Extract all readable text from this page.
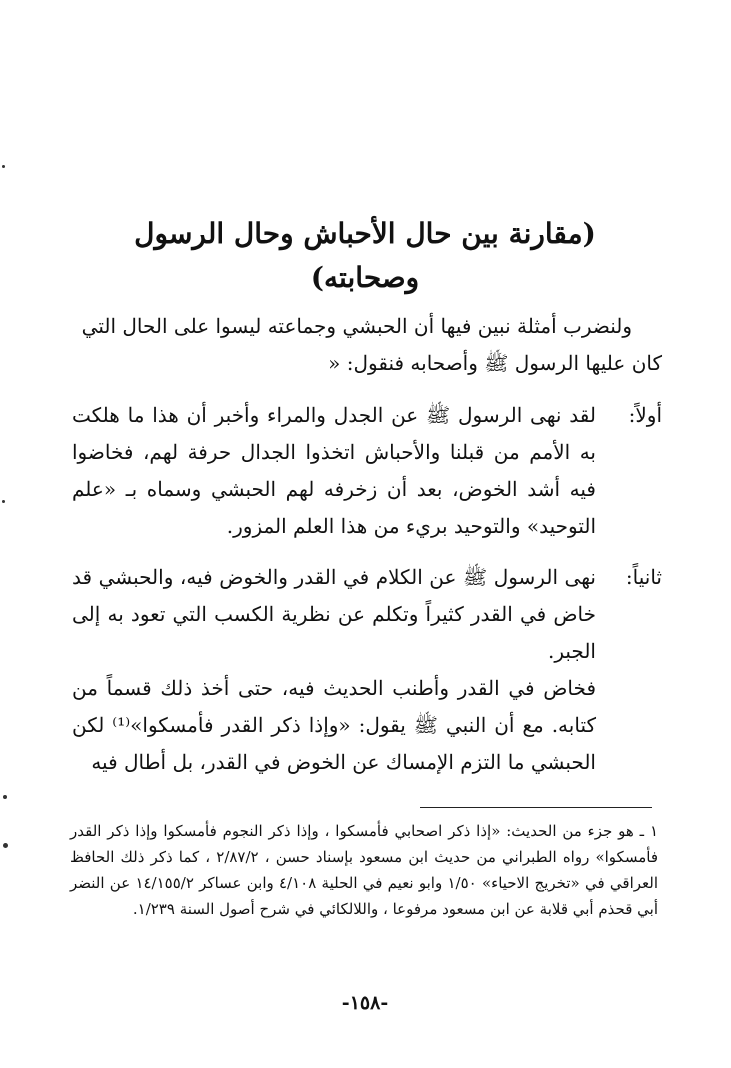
(مقارنة بين حال الأحباش وحال الرسول وصحابته)
ولنضرب أمثلة نبين فيها أن الحبشي وجماعته ليسوا على الحال التي
كان عليها الرسول ﷺ وأصحابه فنقول: «
أولاً:
لقد نهى الرسول ﷺ عن الجدل والمراء وأخبر أن هذا ما هلكت به الأمم من قبلنا والأحباش اتخذوا الجدال حرفة لهم، فخاضوا فيه أشد الخوض، بعد أن زخرفه لهم الحبشي وسماه بـ «علم التوحيد» والتوحيد بريء من هذا العلم المزور.
ثانياً:
نهى الرسول ﷺ عن الكلام في القدر والخوض فيه، والحبشي قد خاض في القدر كثيراً وتكلم عن نظرية الكسب التي تعود به إلى الجبر.
فخاض في القدر وأطنب الحديث فيه، حتى أخذ ذلك قسماً من كتابه. مع أن النبي ﷺ يقول: «وإذا ذكر القدر فأمسكوا»⁽¹⁾ لكن الحبشي ما التزم الإمساك عن الخوض في القدر، بل أطال فيه
١ ـ هو جزء من الحديث: «إذا ذكر اصحابي فأمسكوا ، وإذا ذكر النجوم فأمسكوا وإذا ذكر القدر فأمسكوا» رواه الطبراني من حديث ابن مسعود بإسناد حسن ، ٢/٨٧/٢ ، كما ذكر ذلك الحافظ العراقي في «تخريج الاحياء» ١/٥٠ وابو نعيم في الحلية ٤/١٠٨ وابن عساكر ١٤/١٥٥/٢ عن النضر أبي قحذم أبي قلابة عن ابن مسعود مرفوعا ، واللالكائي في شرح أصول السنة ١/٢٣٩.
-١٥٨-
